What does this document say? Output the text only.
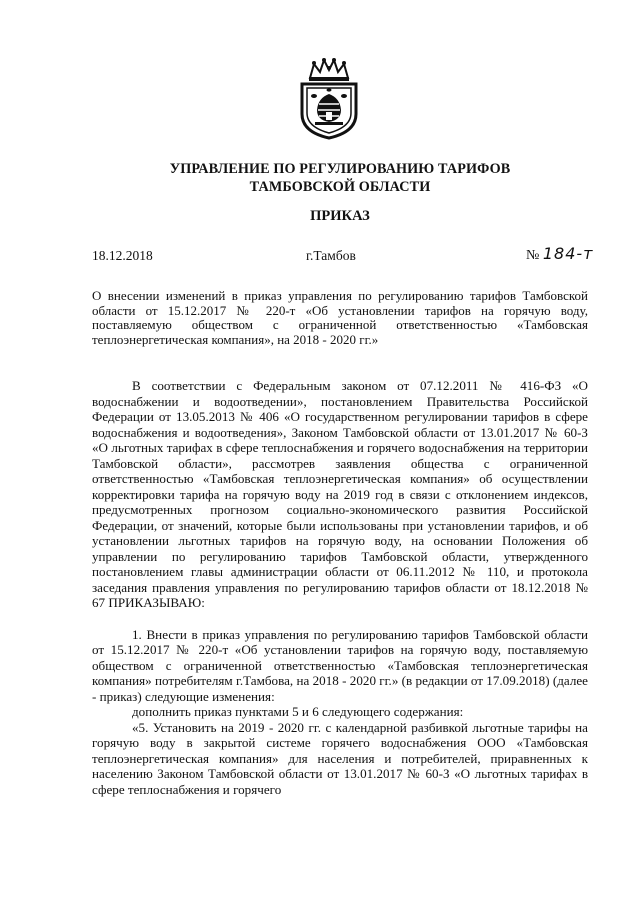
УПРАВЛЕНИЕ ПО РЕГУЛИРОВАНИЮ ТАРИФОВ
ТАМБОВСКОЙ ОБЛАСТИ
ПРИКАЗ
18.12.2018	г.Тамбов	№ 184-т
О внесении изменений в приказ управления по регулированию тарифов Тамбовской области от 15.12.2017 № 220-т «Об установлении тарифов на горячую воду, поставляемую обществом с ограниченной ответственностью «Тамбовская теплоэнергетическая компания», на 2018 - 2020 гг.»

В соответствии с Федеральным законом от 07.12.2011 № 416-ФЗ «О водоснабжении и водоотведении», постановлением Правительства Российской Федерации от 13.05.2013 № 406 «О государственном регулировании тарифов в сфере водоснабжения и водоотведения», Законом Тамбовской области от 13.01.2017 № 60-З «О льготных тарифах в сфере теплоснабжения и горячего водоснабжения на территории Тамбовской области», рассмотрев заявления общества с ограниченной ответственностью «Тамбовская теплоэнергетическая компания» об осуществлении корректировки тарифа на горячую воду на 2019 год в связи с отклонением индексов, предусмотренных прогнозом социально-экономического развития Российской Федерации, от значений, которые были использованы при установлении тарифов, и об установлении льготных тарифов на горячую воду, на основании Положения об управлении по регулированию тарифов Тамбовской области, утвержденного постановлением главы администрации области от 06.11.2012 № 110, и протокола заседания правления управления по регулированию тарифов области от 18.12.2018 № 67 ПРИКАЗЫВАЮ:

1. Внести в приказ управления по регулированию тарифов Тамбовской области от 15.12.2017 № 220-т «Об установлении тарифов на горячую воду, поставляемую обществом с ограниченной ответственностью «Тамбовская теплоэнергетическая компания» потребителям г.Тамбова, на 2018 - 2020 гг.» (в редакции от 17.09.2018) (далее - приказ) следующие изменения:

дополнить приказ пунктами 5 и 6 следующего содержания:

«5. Установить на 2019 - 2020 гг. с календарной разбивкой льготные тарифы на горячую воду в закрытой системе горячего водоснабжения ООО «Тамбовская теплоэнергетическая компания» для населения и потребителей, приравненных к населению Законом Тамбовской области от 13.01.2017 № 60-З «О льготных тарифах в сфере теплоснабжения и горячего
